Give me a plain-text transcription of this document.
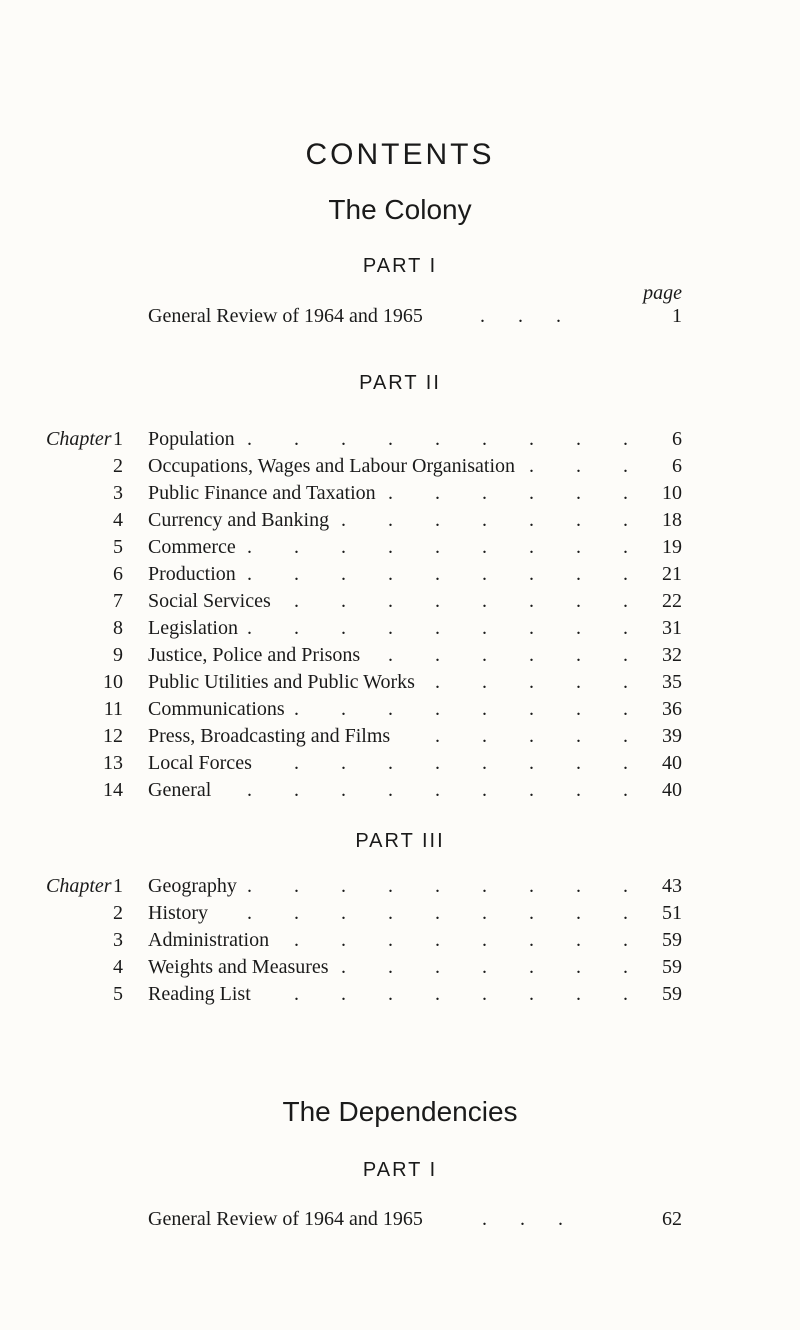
CONTENTS
The Colony
PART I
page
General Review of 1964 and 1965	. . .	1
PART II
Chapter 1 Population	6
. . . . . . . . .
2 Occupations, Wages and Labour Organisation	6
. . .
3 Public Finance and Taxation	10
. . . . . .
4 Currency and Banking	18
. . . . . . .
5 Commerce	19
. . . . . . . . .
6 Production	21
. . . . . . . . .
7 Social Services	22
. . . . . . . .
8 Legislation	31
. . . . . . . . .
9 Justice, Police and Prisons	32
. . . . . .
10 Public Utilities and Public Works	35
. . . . .
11 Communications	36
. . . . . . . .
12 Press, Broadcasting and Films	39
. . . . .
13 Local Forces	40
. . . . . . . .
14 General	40
. . . . . . . . .
PART III
Chapter 1 Geography	43
. . . . . . . . .
2 History	51
. . . . . . . . .
3 Administration	59
. . . . . . . .
4 Weights and Measures	59
. . . . . . .
5 Reading List	59
. . . . . . . .
The Dependencies
PART I
General Review of 1964 and 1965	. . .	62
